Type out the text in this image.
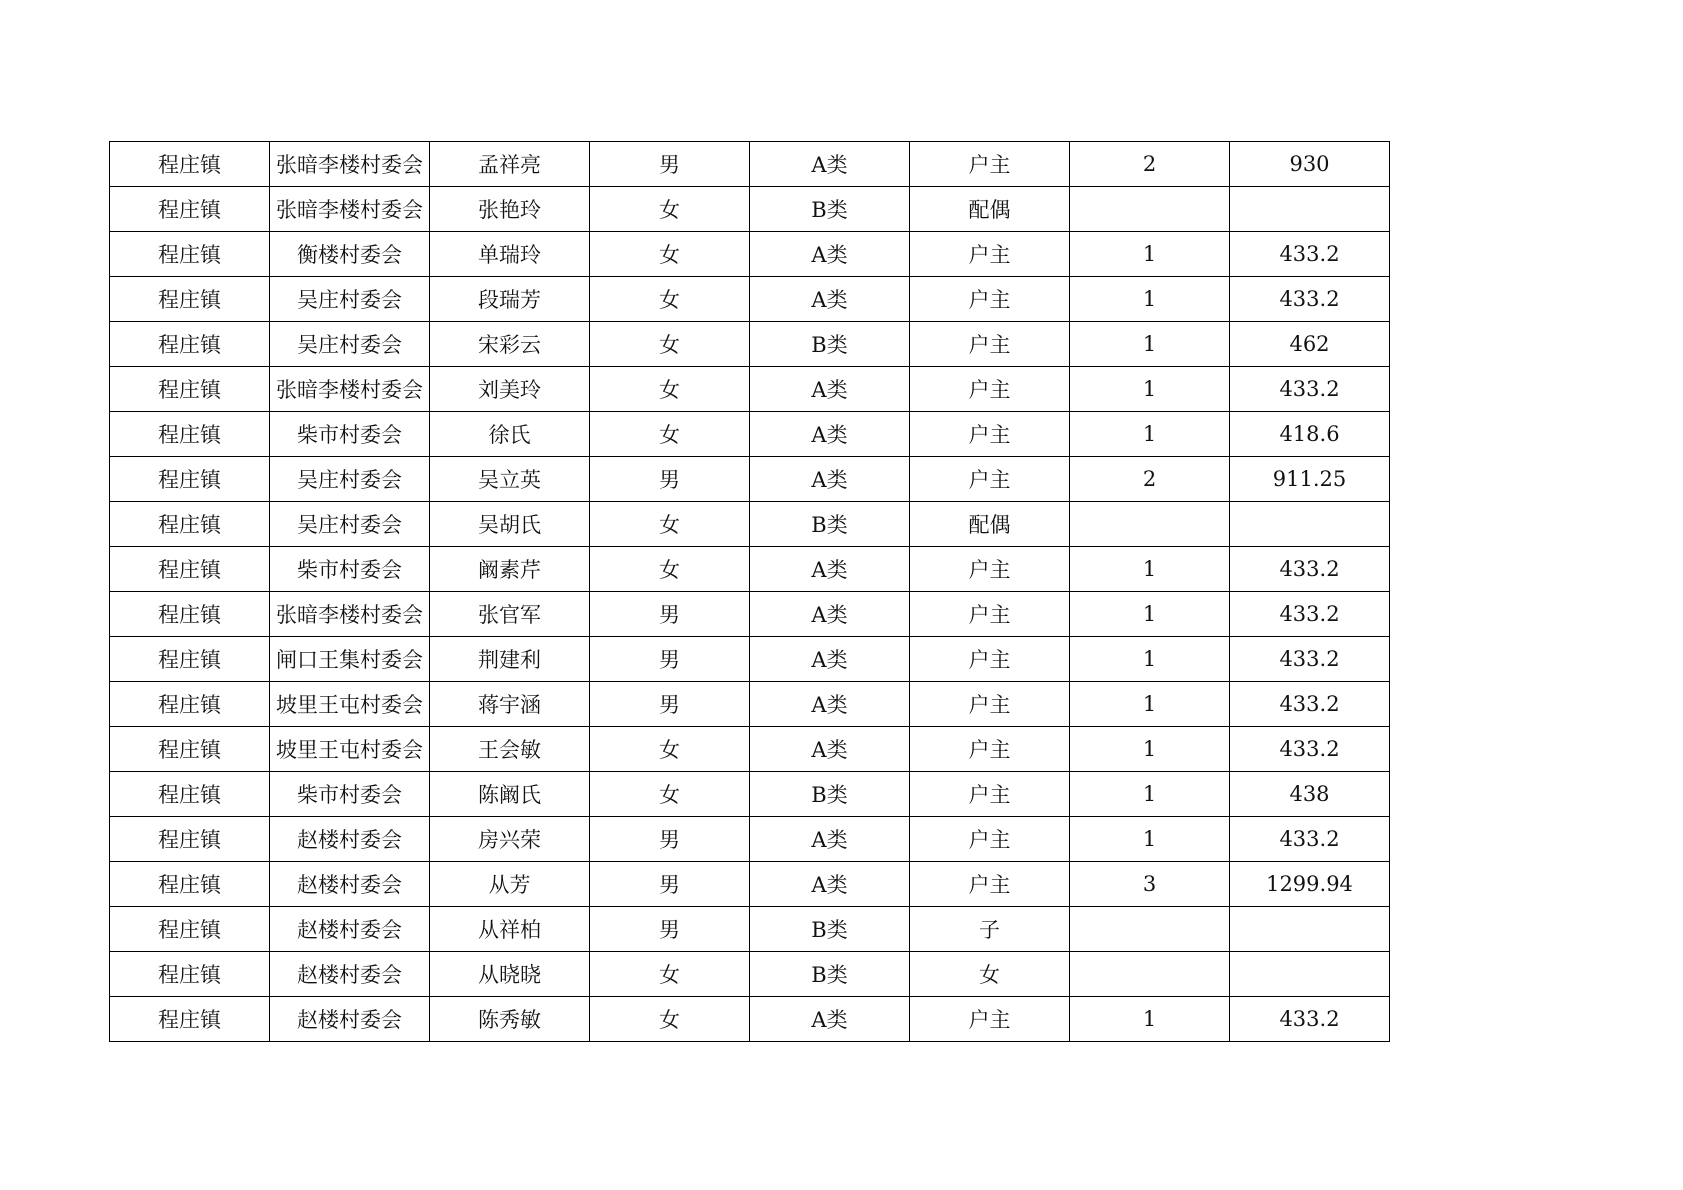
程庄镇	张暗李楼村委会	孟祥亮	男	A类	户主	2	930
程庄镇	张暗李楼村委会	张艳玲	女	B类	配偶		
程庄镇	衡楼村委会	单瑞玲	女	A类	户主	1	433.2
程庄镇	吴庄村委会	段瑞芳	女	A类	户主	1	433.2
程庄镇	吴庄村委会	宋彩云	女	B类	户主	1	462
程庄镇	张暗李楼村委会	刘美玲	女	A类	户主	1	433.2
程庄镇	柴市村委会	徐氏	女	A类	户主	1	418.6
程庄镇	吴庄村委会	吴立英	男	A类	户主	2	911.25
程庄镇	吴庄村委会	吴胡氏	女	B类	配偶		
程庄镇	柴市村委会	阚素芹	女	A类	户主	1	433.2
程庄镇	张暗李楼村委会	张官军	男	A类	户主	1	433.2
程庄镇	闸口王集村委会	荆建利	男	A类	户主	1	433.2
程庄镇	坡里王屯村委会	蒋宇涵	男	A类	户主	1	433.2
程庄镇	坡里王屯村委会	王会敏	女	A类	户主	1	433.2
程庄镇	柴市村委会	陈阚氏	女	B类	户主	1	438
程庄镇	赵楼村委会	房兴荣	男	A类	户主	1	433.2
程庄镇	赵楼村委会	从芳	男	A类	户主	3	1299.94
程庄镇	赵楼村委会	从祥柏	男	B类	子		
程庄镇	赵楼村委会	从晓晓	女	B类	女		
程庄镇	赵楼村委会	陈秀敏	女	A类	户主	1	433.2
